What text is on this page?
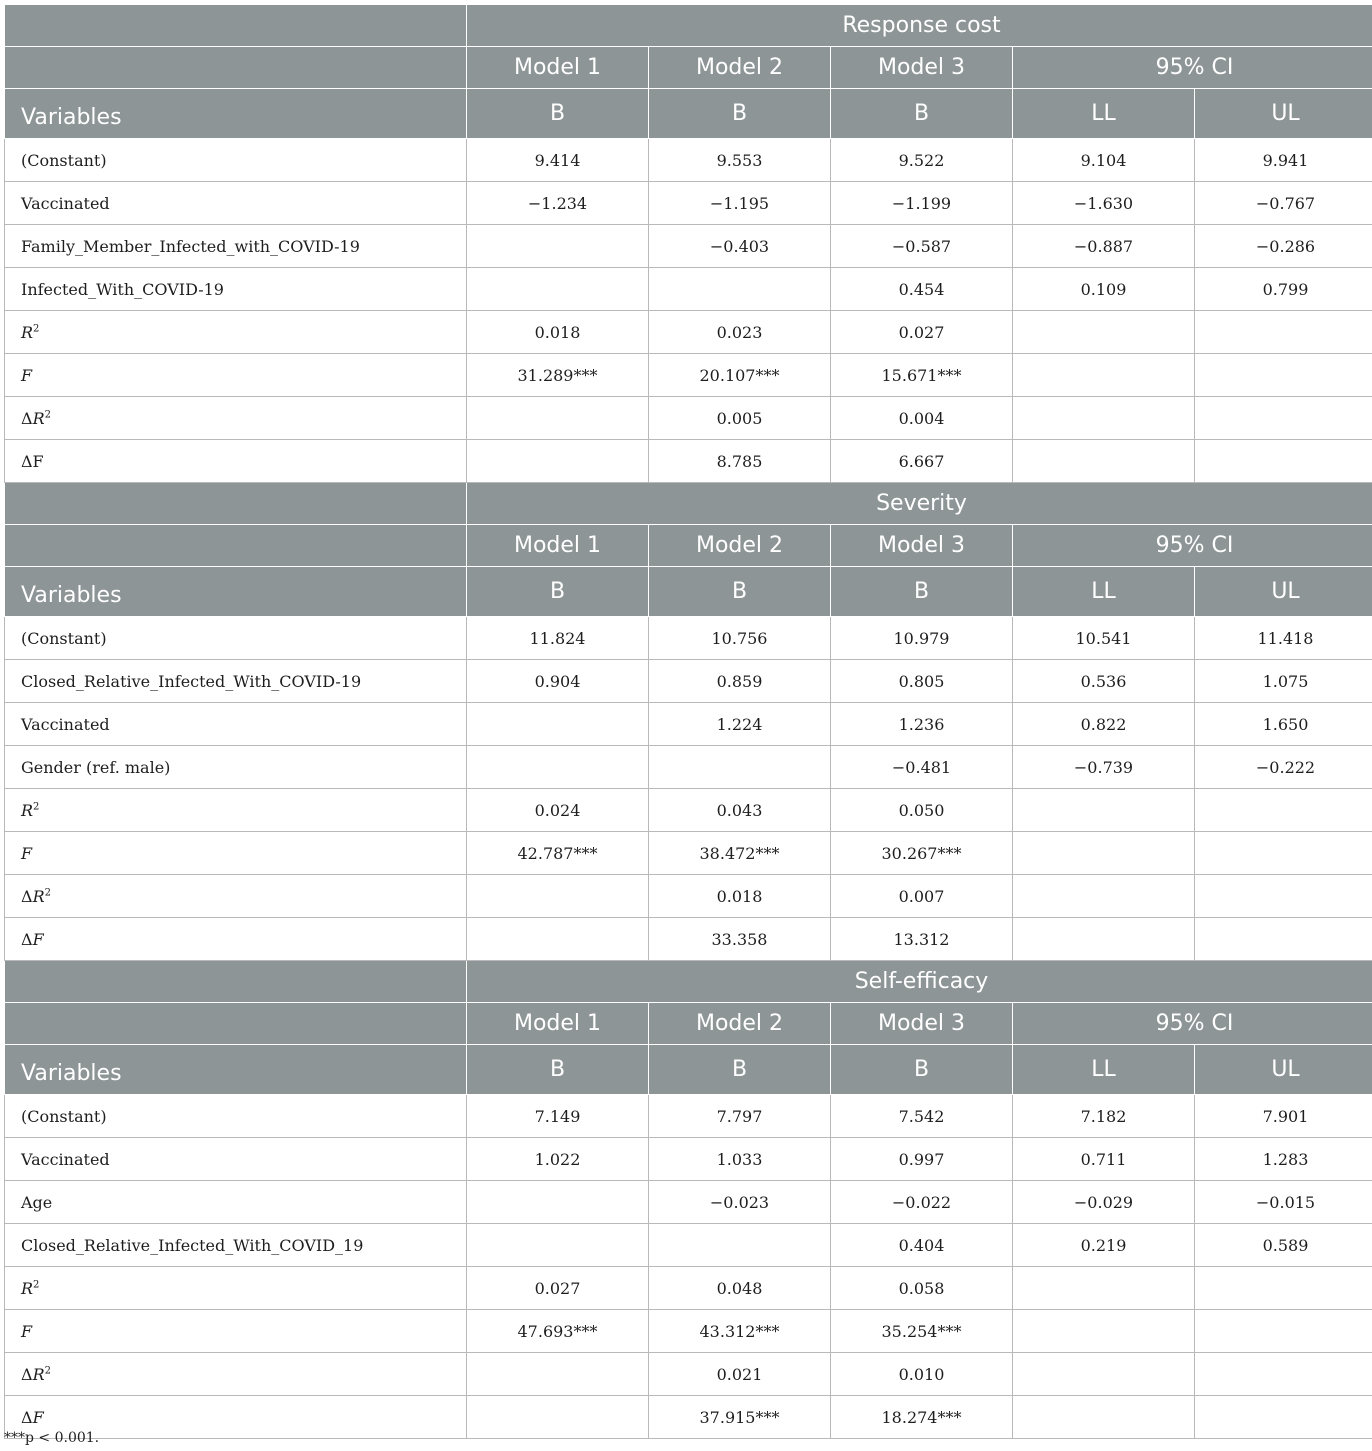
	Response cost				
	Model 1	Model 2	Model 3	95% CI	
Variables	B	B	B	LL	UL
(Constant)	9.414	9.553	9.522	9.104	9.941
Vaccinated	−1.234	−1.195	−1.199	−1.630	−0.767
Family_Member_Infected_with_COVID-19		−0.403	−0.587	−0.887	−0.286
Infected_With_COVID-19			0.454	0.109	0.799
$R^2$	0.018	0.023	0.027		
F	31.289***	20.107***	15.671***		
$\Delta R^2$		0.005	0.004		
ΔF		8.785	6.667		
	Severity				
	Model 1	Model 2	Model 3	95% CI	
Variables	B	B	B	LL	UL
(Constant)	11.824	10.756	10.979	10.541	11.418
Closed_Relative_Infected_With_COVID-19	0.904	0.859	0.805	0.536	1.075
Vaccinated		1.224	1.236	0.822	1.650
Gender (ref. male)			−0.481	−0.739	−0.222
$R^2$	0.024	0.043	0.050		
F	42.787***	38.472***	30.267***		
$\Delta R^2$		0.018	0.007		
ΔF		33.358	13.312		
	Self-efficacy				
	Model 1	Model 2	Model 3	95% CI	
Variables	B	B	B	LL	UL
(Constant)	7.149	7.797	7.542	7.182	7.901
Vaccinated	1.022	1.033	0.997	0.711	1.283
Age		−0.023	−0.022	−0.029	−0.015
Closed_Relative_Infected_With_COVID_19			0.404	0.219	0.589
$R^2$	0.027	0.048	0.058		
F	47.693***	43.312***	35.254***		
$\Delta R^2$		0.021	0.010		
ΔF		37.915***	18.274***		
***p < 0.001.
